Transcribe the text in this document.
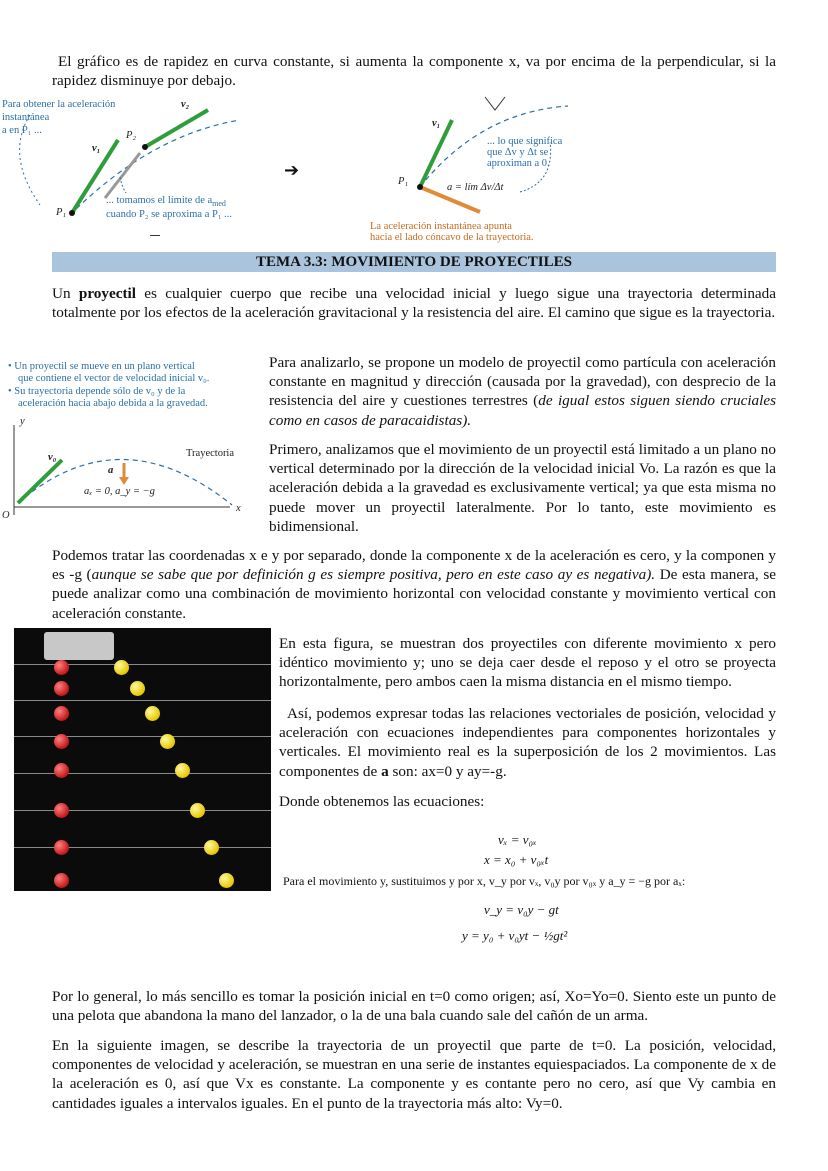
El gráfico es de rapidez en curva constante, si aumenta la componente x, va por encima de la perpendicular, si la rapidez disminuye por debajo.
Para obtener la aceleración
instantánea
a en P₁ ...
v₂
v₁
P₂
P₁
... tomamos el límite de $a_{med}$
cuando P₂ se aproxima a P₁ ...
➔
v₁
P₁
... lo que significa
que Δv y Δt se
aproximan a 0.
a = lím Δv/Δt
La aceleración instantánea apunta
hacia el lado cóncavo de la trayectoria.
TEMA 3.3: MOVIMIENTO DE PROYECTILES
Un proyectil es cualquier cuerpo que recibe una velocidad inicial y luego sigue una trayectoria determinada totalmente por los efectos de la aceleración gravitacional y la resistencia del aire. El camino que sigue es la trayectoria.
• Un proyectil se mueve en un plano vertical
que contiene el vector de velocidad inicial v₀.
• Su trayectoria depende sólo de v₀ y de la
aceleración hacia abajo debida a la gravedad.
y
x
O
v₀
a
Trayectoria
aₓ = 0, a_y = −g
Para analizarlo, se propone un modelo de proyectil como partícula con aceleración constante en magnitud y dirección (causada por la gravedad), con desprecio de la resistencia del aire y cuestiones terrestres (de igual estos siguen siendo cruciales como en casos de paracaidistas).
Primero, analizamos que el movimiento de un proyectil está limitado a un plano no vertical determinado por la dirección de la velocidad inicial Vo. La razón es que la aceleración debida a la gravedad es exclusivamente vertical; ya que esta misma no puede mover un proyectil lateralmente. Por lo tanto, este movimiento es bidimensional.
Podemos tratar las coordenadas x e y por separado, donde la componente x de la aceleración es cero, y la componen y es -g (aunque se sabe que por definición g es siempre positiva, pero en este caso ay es negativa). De esta manera, se puede analizar como una combinación de movimiento horizontal con velocidad constante y movimiento vertical con aceleración constante.
En esta figura, se muestran dos proyectiles con diferente movimiento x pero idéntico movimiento y; uno se deja caer desde el reposo y el otro se proyecta horizontalmente, pero ambos caen la misma distancia en el mismo tiempo.
Así, podemos expresar todas las relaciones vectoriales de posición, velocidad y aceleración con ecuaciones independientes para componentes horizontales y verticales. El movimiento real es la superposición de los 2 movimientos. Las componentes de a son: ax=0 y ay=-g.
Donde obtenemos las ecuaciones:
vₓ = v₀ₓ
x = x₀ + v₀ₓt
Para el movimiento y, sustituimos y por x, v_y por vₓ, v₀y por v₀ₓ y a_y = −g por aₓ:
v_y = v₀y − gt
y = y₀ + v₀yt − ½gt²
Por lo general, lo más sencillo es tomar la posición inicial en t=0 como origen; así, Xo=Yo=0. Siento este un punto de una pelota que abandona la mano del lanzador, o la de una bala cuando sale del cañón de un arma.
En la siguiente imagen, se describe la trayectoria de un proyectil que parte de t=0. La posición, velocidad, componentes de velocidad y aceleración, se muestran en una serie de instantes equiespaciados. La componente de x de la aceleración es 0, así que Vx es constante. La componente y es contante pero no cero, así que Vy cambia en cantidades iguales a intervalos iguales. En el punto de la trayectoria más alto: Vy=0.
